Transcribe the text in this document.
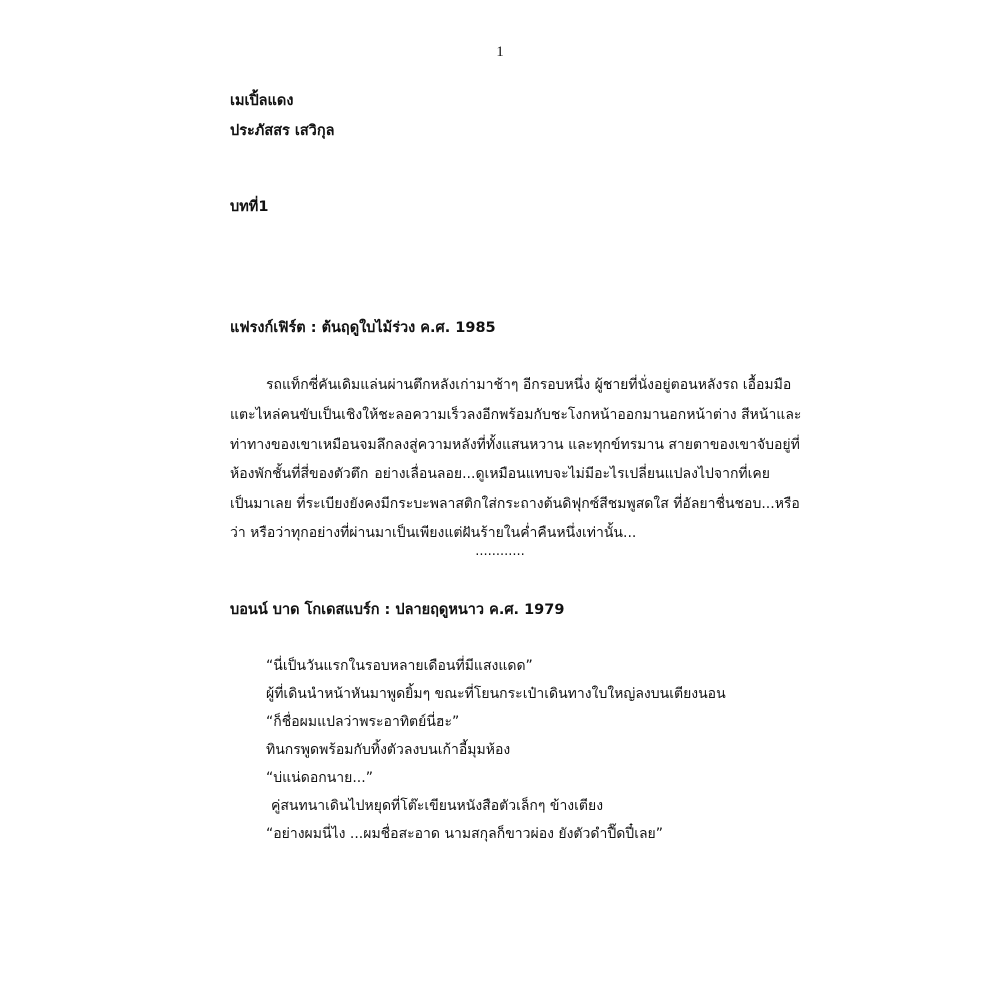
1
เมเปิ้ลแดง
ประภัสสร เสวิกุล
บทที่1
แฟรงก์เฟิร์ต : ต้นฤดูใบไม้ร่วง ค.ศ. 1985
รถแท็กซี่คันเดิมแล่นผ่านตึกหลังเก่ามาช้าๆ อีกรอบหนึ่ง ผู้ชายที่นั่งอยู่ตอนหลังรถ เอื้อมมือ
แตะไหล่คนขับเป็นเชิงให้ชะลอความเร็วลงอีกพร้อมกับชะโงกหน้าออกมานอกหน้าต่าง สีหน้าและ
ท่าทางของเขาเหมือนจมลึกลงสู่ความหลังที่ทั้งแสนหวาน และทุกข์ทรมาน สายตาของเขาจับอยู่ที่
ห้องพักชั้นที่สี่ของตัวตึก อย่างเลื่อนลอย...ดูเหมือนแทบจะไม่มีอะไรเปลี่ยนแปลงไปจากที่เคย
เป็นมาเลย ที่ระเบียงยังคงมีกระบะพลาสติกใส่กระถางต้นดิฟุกซ์สีชมพูสดใส ที่อัลยาชื่นชอบ...หรือ
ว่า หรือว่าทุกอย่างที่ผ่านมาเป็นเพียงแต่ฝันร้ายในค่ำคืนหนึ่งเท่านั้น...
............
บอนน์ บาด โกเดสแบร์ก : ปลายฤดูหนาว ค.ศ. 1979
“นี่เป็นวันแรกในรอบหลายเดือนที่มีแสงแดด”
ผู้ที่เดินนำหน้าหันมาพูดยิ้มๆ ขณะที่โยนกระเป๋าเดินทางใบใหญ่ลงบนเตียงนอน
“ก็ชื่อผมแปลว่าพระอาทิตย์นี่ฮะ”
ทินกรพูดพร้อมกับทิ้งตัวลงบนเก้าอี้มุมห้อง
“บ่แน่ดอกนาย...”
คู่สนทนาเดินไปหยุดที่โต๊ะเขียนหนังสือตัวเล็กๆ ข้างเตียง
“อย่างผมนี่ไง ...ผมชื่อสะอาด นามสกุลก็ขาวผ่อง ยังตัวดำปื๊ดปี๋เลย”
